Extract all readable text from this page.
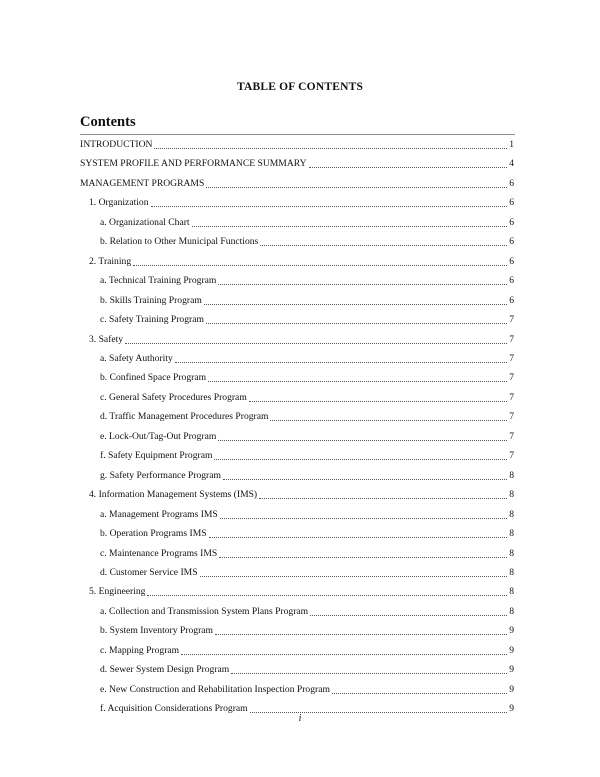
TABLE OF CONTENTS
Contents
INTRODUCTION	1
SYSTEM PROFILE AND PERFORMANCE SUMMARY	4
MANAGEMENT PROGRAMS	6
1. Organization	6
a. Organizational Chart	6
b. Relation to Other Municipal Functions	6
2. Training	6
a. Technical Training Program	6
b. Skills Training Program	6
c. Safety Training Program	7
3. Safety	7
a. Safety Authority	7
b. Confined Space Program	7
c. General Safety Procedures Program	7
d. Traffic Management Procedures Program	7
e. Lock-Out/Tag-Out Program	7
f. Safety Equipment Program	7
g. Safety Performance Program	8
4. Information Management Systems (IMS)	8
a. Management Programs IMS	8
b. Operation Programs IMS	8
c. Maintenance Programs IMS	8
d. Customer Service IMS	8
5. Engineering	8
a. Collection and Transmission System Plans Program	8
b. System Inventory Program	9
c. Mapping Program	9
d. Sewer System Design Program	9
e. New Construction and Rehabilitation Inspection Program	9
f. Acquisition Considerations Program	9
i
